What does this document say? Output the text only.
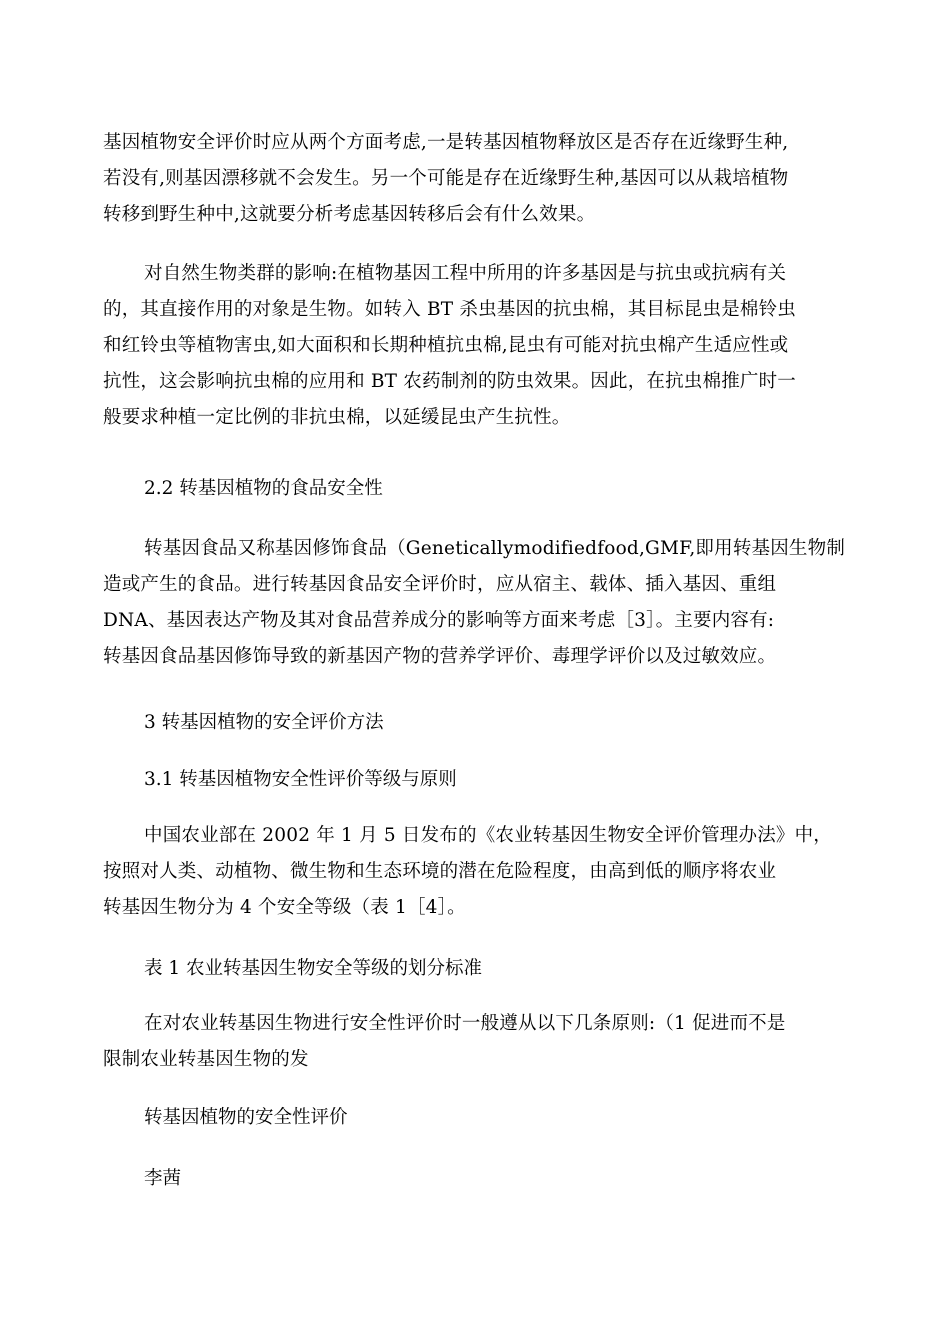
基因植物安全评价时应从两个方面考虑,一是转基因植物释放区是否存在近缘野生种,
若没有,则基因漂移就不会发生。另一个可能是存在近缘野生种,基因可以从栽培植物
转移到野生种中,这就要分析考虑基因转移后会有什么效果。
对自然生物类群的影响:在植物基因工程中所用的许多基因是与抗虫或抗病有关
的，其直接作用的对象是生物。如转入 BT 杀虫基因的抗虫棉，其目标昆虫是棉铃虫
和红铃虫等植物害虫,如大面积和长期种植抗虫棉,昆虫有可能对抗虫棉产生适应性或
抗性，这会影响抗虫棉的应用和 BT 农药制剂的防虫效果。因此，在抗虫棉推广时一
般要求种植一定比例的非抗虫棉，以延缓昆虫产生抗性。
2.2 转基因植物的食品安全性
转基因食品又称基因修饰食品（Geneticallymodifiedfood,GMF,即用转基因生物制
造或产生的食品。进行转基因食品安全评价时，应从宿主、载体、插入基因、重组
DNA、基因表达产物及其对食品营养成分的影响等方面来考虑［3］。主要内容有:
转基因食品基因修饰导致的新基因产物的营养学评价、毒理学评价以及过敏效应。
3 转基因植物的安全评价方法
3.1 转基因植物安全性评价等级与原则
中国农业部在 2002 年 1 月 5 日发布的《农业转基因生物安全评价管理办法》中，
按照对人类、动植物、微生物和生态环境的潜在危险程度，由高到低的顺序将农业
转基因生物分为 4 个安全等级（表 1［4］。
表 1 农业转基因生物安全等级的划分标准
在对农业转基因生物进行安全性评价时一般遵从以下几条原则:（1 促进而不是
限制农业转基因生物的发
转基因植物的安全性评价
李茜
